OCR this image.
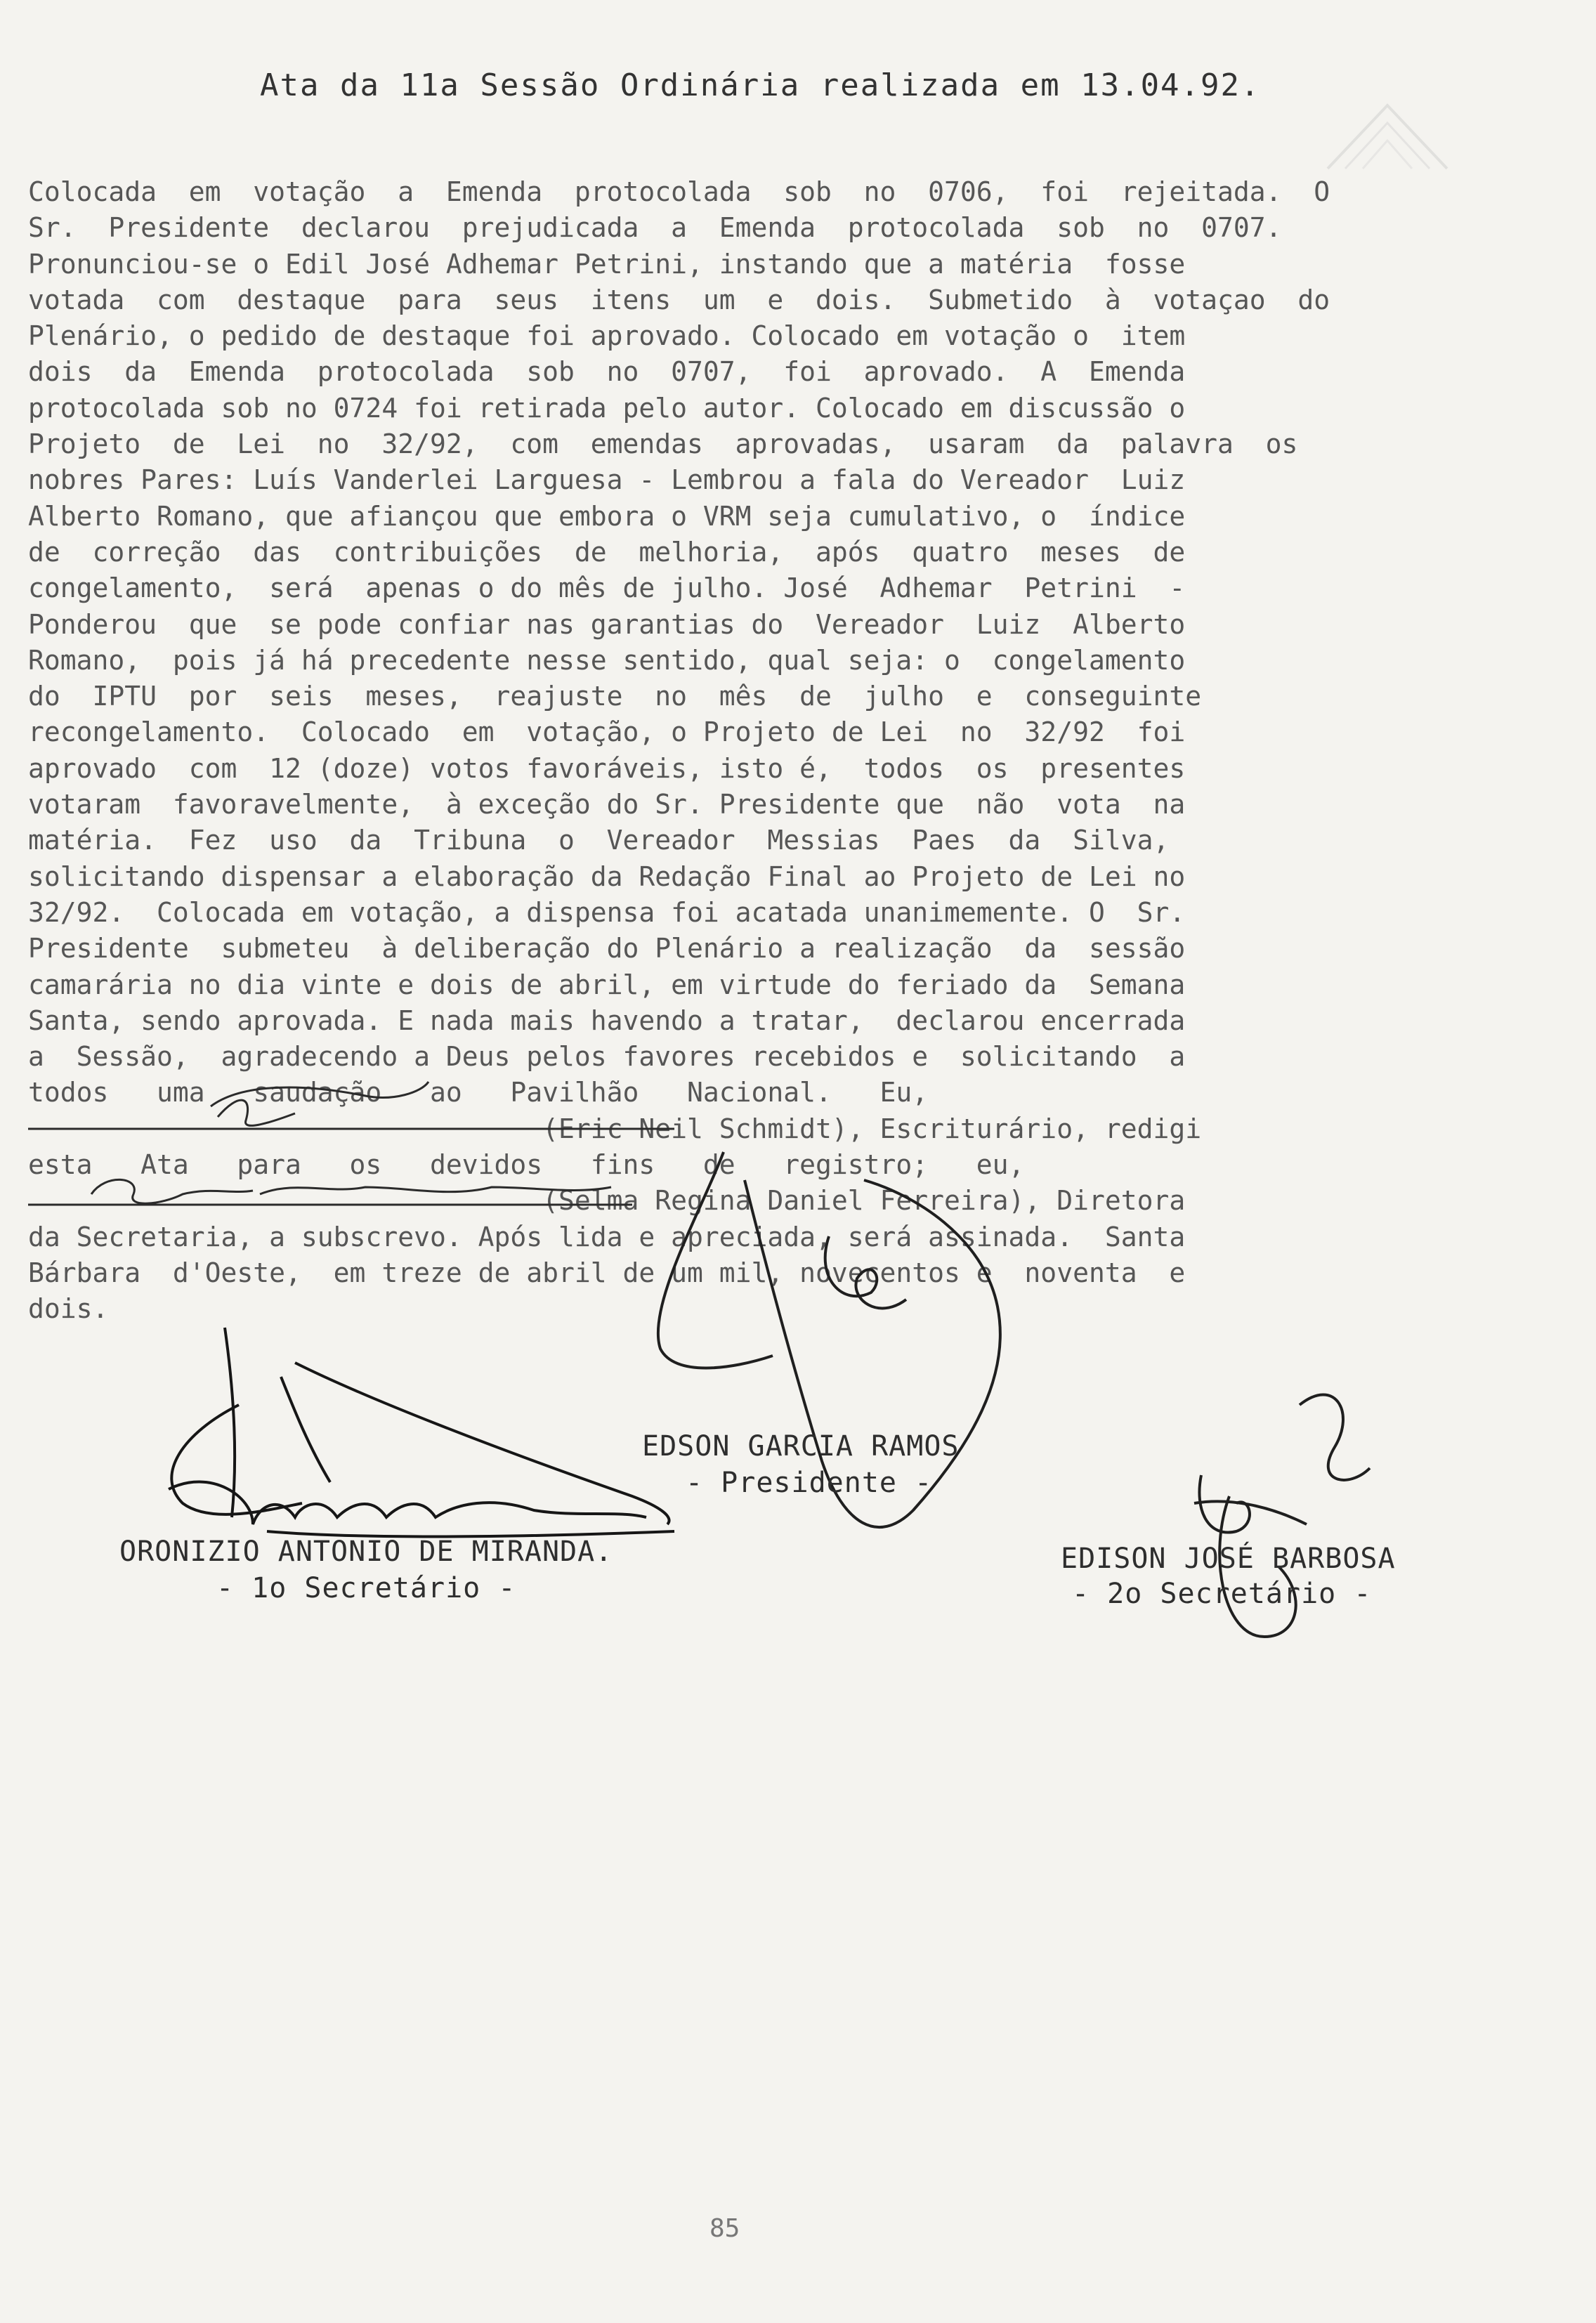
Ata da 11a Sessão Ordinária realizada em 13.04.92.
Colocada  em  votação  a  Emenda  protocolada  sob  no  0706,  foi  rejeitada.  O
Sr.  Presidente  declarou  prejudicada  a  Emenda  protocolada  sob  no  0707.
Pronunciou-se o Edil José Adhemar Petrini, instando que a matéria  fosse
votada  com  destaque  para  seus  itens  um  e  dois.  Submetido  à  votaçao  do
Plenário, o pedido de destaque foi aprovado. Colocado em votação o  item
dois  da  Emenda  protocolada  sob  no  0707,  foi  aprovado.  A  Emenda
protocolada sob no 0724 foi retirada pelo autor. Colocado em discussão o
Projeto  de  Lei  no  32/92,  com  emendas  aprovadas,  usaram  da  palavra  os
nobres Pares: Luís Vanderlei Larguesa - Lembrou a fala do Vereador  Luiz
Alberto Romano, que afiançou que embora o VRM seja cumulativo, o  índice
de  correção  das  contribuições  de  melhoria,  após  quatro  meses  de
congelamento,  será  apenas o do mês de julho. José  Adhemar  Petrini  -
Ponderou  que  se pode confiar nas garantias do  Vereador  Luiz  Alberto
Romano,  pois já há precedente nesse sentido, qual seja: o  congelamento
do  IPTU  por  seis  meses,  reajuste  no  mês  de  julho  e  conseguinte
recongelamento.  Colocado  em  votação, o Projeto de Lei  no  32/92  foi
aprovado  com  12 (doze) votos favoráveis, isto é,  todos  os  presentes
votaram  favoravelmente,  à exceção do Sr. Presidente que  não  vota  na
matéria.  Fez  uso  da  Tribuna  o  Vereador  Messias  Paes  da  Silva,
solicitando dispensar a elaboração da Redação Final ao Projeto de Lei no
32/92.  Colocada em votação, a dispensa foi acatada unanimemente. O  Sr.
Presidente  submeteu  à deliberação do Plenário a realização  da  sessão
camarária no dia vinte e dois de abril, em virtude do feriado da  Semana
Santa, sendo aprovada. E nada mais havendo a tratar,  declarou encerrada
a  Sessão,  agradecendo a Deus pelos favores recebidos e  solicitando  a
todos   uma   saudação   ao   Pavilhão   Nacional.   Eu,
(Eric Neil Schmidt), Escriturário, redigi
esta   Ata   para   os   devidos   fins   de   registro;   eu,
(Selma Regina Daniel Ferreira), Diretora
da Secretaria, a subscrevo. Após lida e apreciada, será assinada.  Santa
Bárbara  d'Oeste,  em treze de abril de um mil, novecentos e  noventa  e
dois.
EDSON GARCIA RAMOS
- Presidente -
ORONIZIO ANTONIO DE MIRANDA.
- 1o Secretário -
EDISON JOSÉ BARBOSA
- 2o Secretário -
85
